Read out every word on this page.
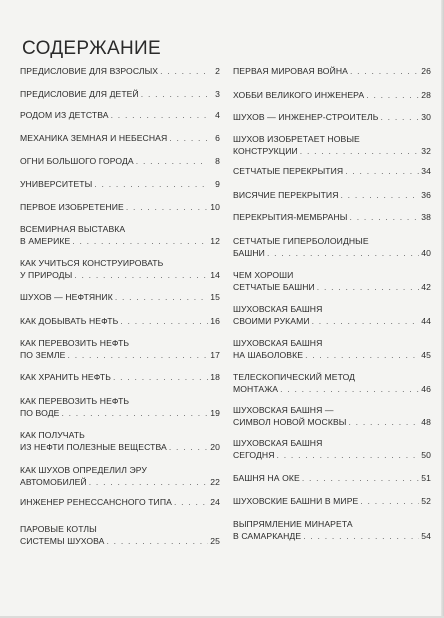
СОДЕРЖАНИЕ
ПРЕДИСЛОВИЕ ДЛЯ ВЗРОСЛЫХ . . .	2
ПРЕДИСЛОВИЕ ДЛЯ ДЕТЕЙ . . .	3
РОДОМ ИЗ ДЕТСТВА . . .	4
МЕХАНИКА ЗЕМНАЯ И НЕБЕСНАЯ . . .	6
ОГНИ БОЛЬШОГО ГОРОДА . . .	8
УНИВЕРСИТЕТЫ . . .	9
ПЕРВОЕ ИЗОБРЕТЕНИЕ . . .	10
ВСЕМИРНАЯ ВЫСТАВКА
В АМЕРИКЕ . . .	12
КАК УЧИТЬСЯ КОНСТРУИРОВАТЬ
У ПРИРОДЫ . . .	14
ШУХОВ — НЕФТЯНИК . . .	15
КАК ДОБЫВАТЬ НЕФТЬ . . .	16
КАК ПЕРЕВОЗИТЬ НЕФТЬ
ПО ЗЕМЛЕ . . .	17
КАК ХРАНИТЬ НЕФТЬ . . .	18
КАК ПЕРЕВОЗИТЬ НЕФТЬ
ПО ВОДЕ . . .	19
КАК ПОЛУЧАТЬ
ИЗ НЕФТИ ПОЛЕЗНЫЕ ВЕЩЕСТВА . . .	20
КАК ШУХОВ ОПРЕДЕЛИЛ ЭРУ
АВТОМОБИЛЕЙ . . .	22
ИНЖЕНЕР РЕНЕССАНСНОГО ТИПА . . .	24
ПАРОВЫЕ КОТЛЫ
СИСТЕМЫ ШУХОВА . . .	25
ПЕРВАЯ МИРОВАЯ ВОЙНА . . .	26
ХОББИ ВЕЛИКОГО ИНЖЕНЕРА . . .	28
ШУХОВ — ИНЖЕНЕР-СТРОИТЕЛЬ . . .	30
ШУХОВ ИЗОБРЕТАЕТ НОВЫЕ
КОНСТРУКЦИИ . . .	32
СЕТЧАТЫЕ ПЕРЕКРЫТИЯ . . .	34
ВИСЯЧИЕ ПЕРЕКРЫТИЯ . . .	36
ПЕРЕКРЫТИЯ-МЕМБРАНЫ . . .	38
СЕТЧАТЫЕ ГИПЕРБОЛОИДНЫЕ
БАШНИ . . .	40
ЧЕМ ХОРОШИ
СЕТЧАТЫЕ БАШНИ . . .	42
ШУХОВСКАЯ БАШНЯ
СВОИМИ РУКАМИ . . .	44
ШУХОВСКАЯ БАШНЯ
НА ШАБОЛОВКЕ . . .	45
ТЕЛЕСКОПИЧЕСКИЙ МЕТОД
МОНТАЖА . . .	46
ШУХОВСКАЯ БАШНЯ —
СИМВОЛ НОВОЙ МОСКВЫ . . .	48
ШУХОВСКАЯ БАШНЯ
СЕГОДНЯ . . .	50
БАШНЯ НА ОКЕ . . .	51
ШУХОВСКИЕ БАШНИ В МИРЕ . . .	52
ВЫПРЯМЛЕНИЕ МИНАРЕТА
В САМАРКАНДЕ . . .	54
